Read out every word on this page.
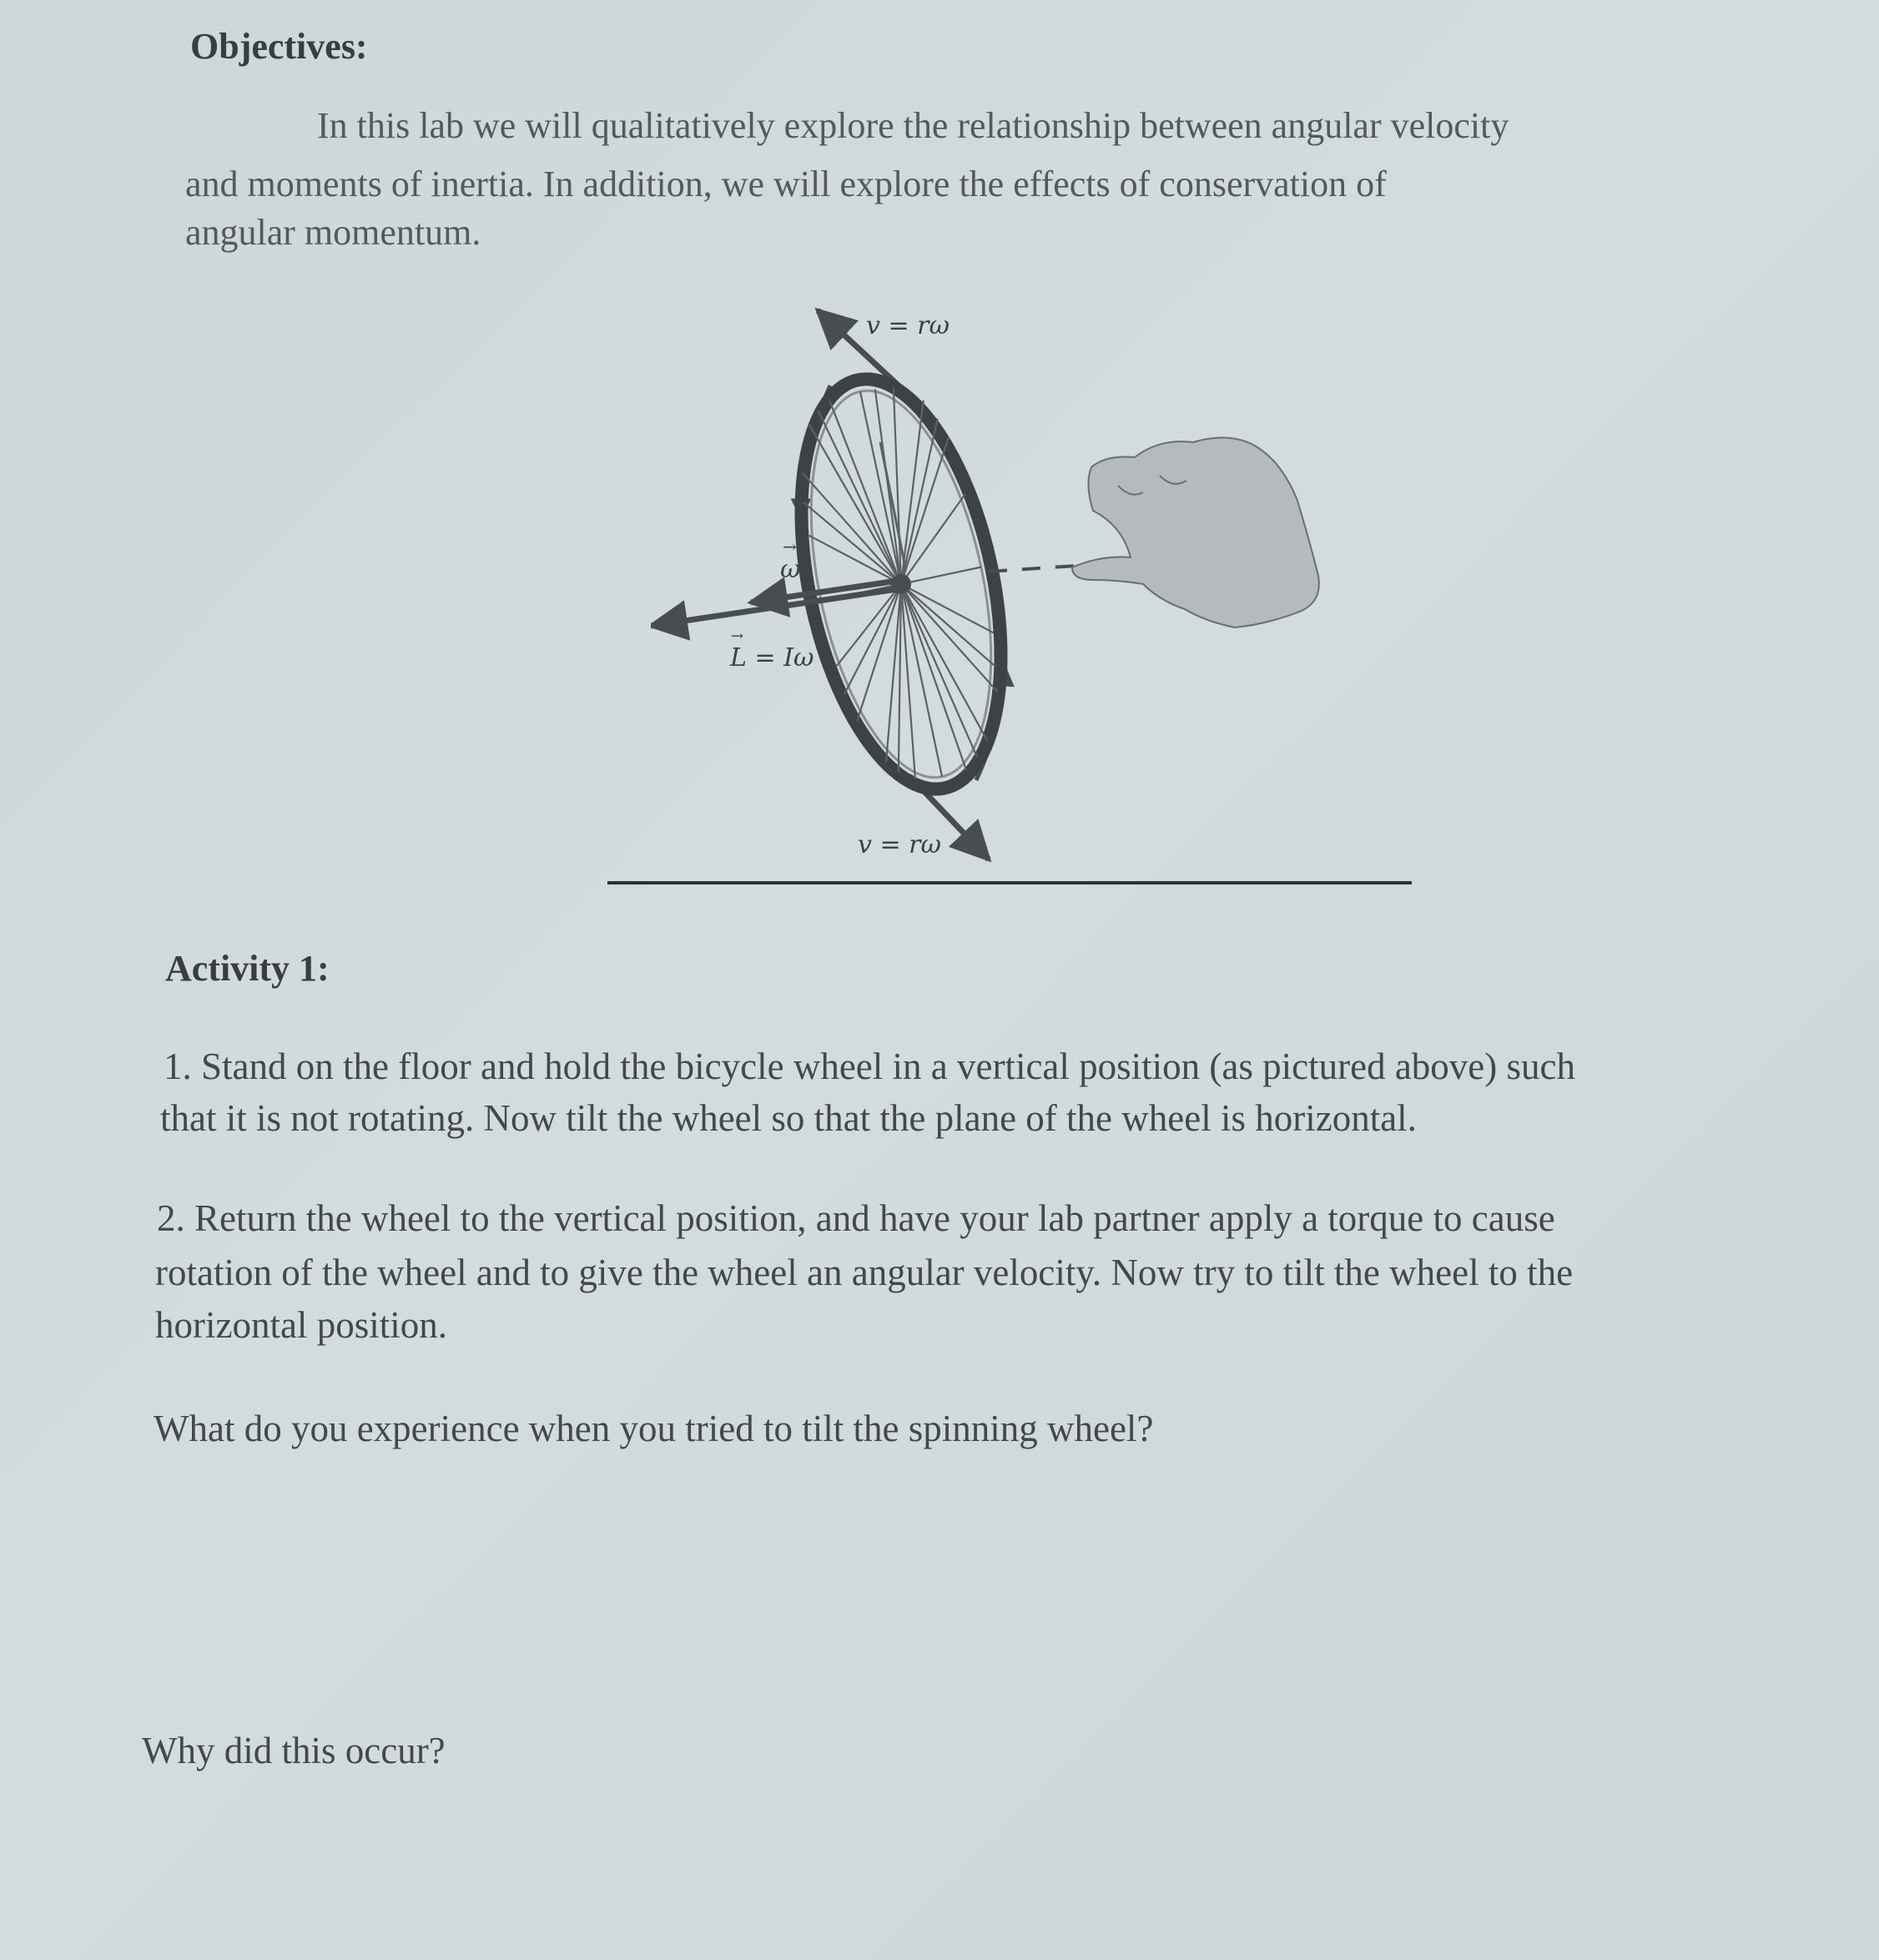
Objectives:

In this lab we will qualitatively explore the relationship between angular velocity

and moments of inertia. In addition, we will explore the effects of conservation of

angular momentum.

v = rω
v = rω
ω
→
L = Iω
→
Activity 1:

1. Stand on the floor and hold the bicycle wheel in a vertical position (as pictured above) such

that it is not rotating. Now tilt the wheel so that the plane of the wheel is horizontal.

2. Return the wheel to the vertical position, and have your lab partner apply a torque to cause

rotation of the wheel and to give the wheel an angular velocity. Now try to tilt the wheel to the

horizontal position.

What do you experience when you tried to tilt the spinning wheel?

Why did this occur?
